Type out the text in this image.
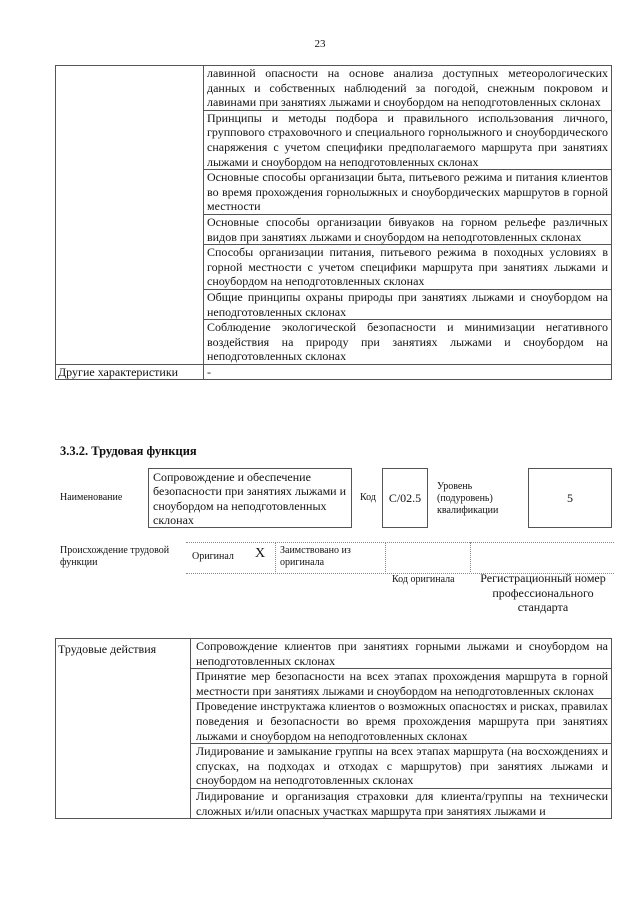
23
	лавинной опасности на основе анализа доступных метеорологических данных и собственных наблюдений за погодой, снежным покровом и лавинами при занятиях лыжами и сноубордом на неподготовленных склонах
	Принципы и методы подбора и правильного использования личного, группового страховочного и специального горнолыжного и сноубордического снаряжения с учетом специфики предполагаемого маршрута при занятиях лыжами и сноубордом на неподготовленных склонах
	Основные способы организации быта, питьевого режима и питания клиентов во время прохождения горнолыжных и сноубордических маршрутов в горной местности
	Основные способы организации бивуаков на горном рельефе различных видов при занятиях лыжами и сноубордом на неподготовленных склонах
	Способы организации питания, питьевого режима в походных условиях в горной местности с учетом специфики маршрута при занятиях лыжами и сноубордом на неподготовленных склонах
	Общие принципы охраны природы при занятиях лыжами и сноубордом на неподготовленных склонах
	Соблюдение экологической безопасности и минимизации негативного воздействия на природу при занятиях лыжами и сноубордом на неподготовленных склонах
Другие характеристики	-
3.3.2. Трудовая функция
Наименование
Сопровождение и обеспечение безопасности при занятиях лыжами и сноубордом на неподготовленных склонах
Код	C/02.5
Уровень (подуровень) квалификации
5
Происхождение трудовой функции
Оригинал X Заимствовано из оригинала
Код оригинала	Регистрационный номер профессионального стандарта
Трудовые действия	Сопровождение клиентов при занятиях горными лыжами и сноубордом на неподготовленных склонах
Принятие мер безопасности на всех этапах прохождения маршрута в горной местности при занятиях лыжами и сноубордом на неподготовленных склонах
Проведение инструктажа клиентов о возможных опасностях и рисках, правилах поведения и безопасности во время прохождения маршрута при занятиях лыжами и сноубордом на неподготовленных склонах
Лидирование и замыкание группы на всех этапах маршрута (на восхождениях и спусках, на подходах и отходах с маршрутов) при занятиях лыжами и сноубордом на неподготовленных склонах
Лидирование и организация страховки для клиента/группы на технически сложных и/или опасных участках маршрута при занятиях лыжами и
